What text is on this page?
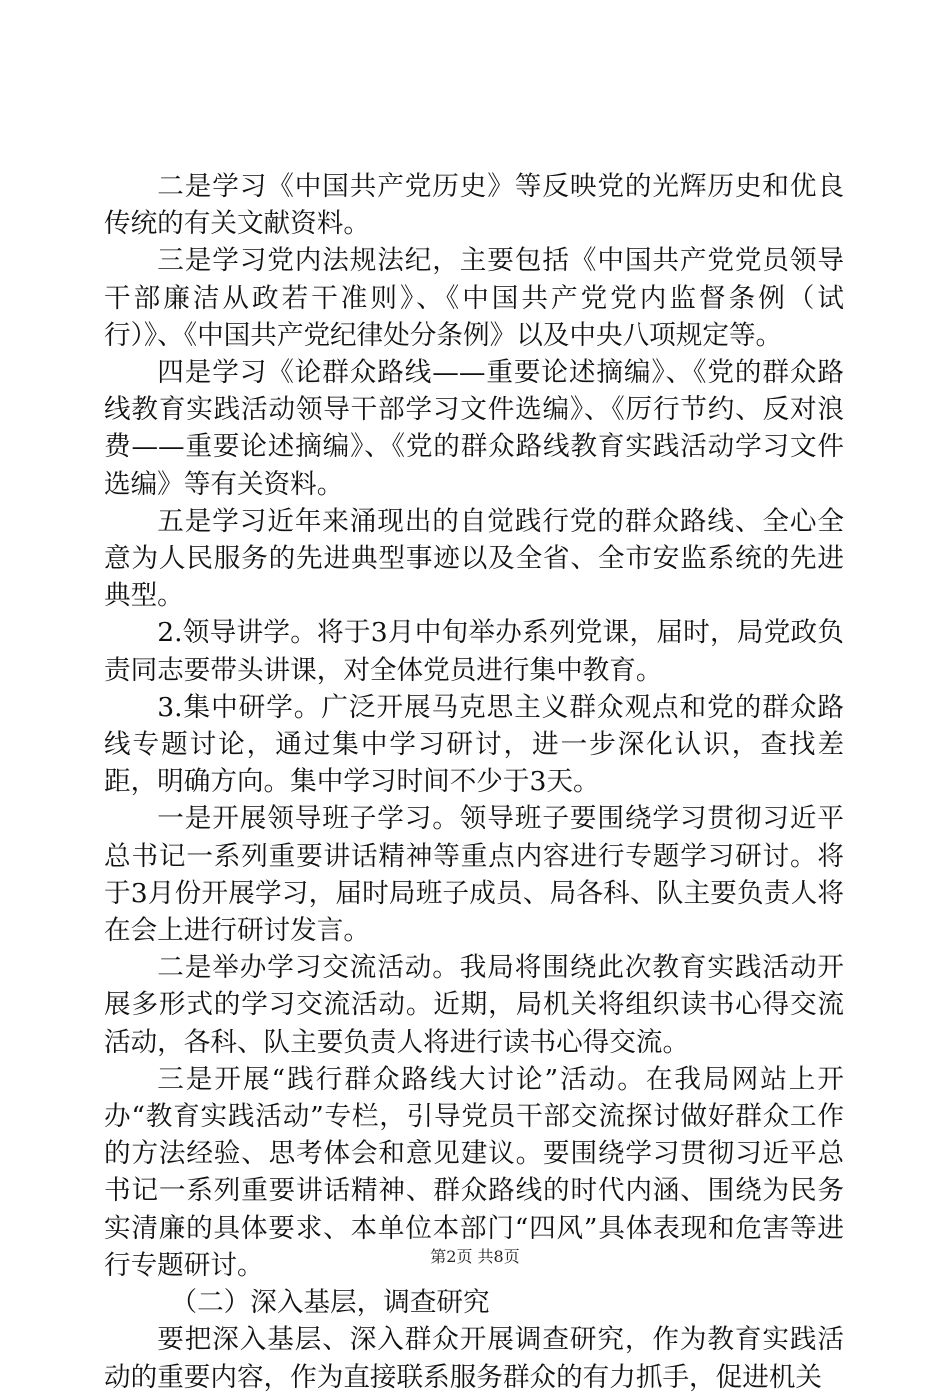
二是学习《中国共产党历史》等反映党的光辉历史和优良传统的有关文献资料。

三是学习党内法规法纪，主要包括《中国共产党党员领导干部廉洁从政若干准则》、《中国共产党党内监督条例（试行）》、《中国共产党纪律处分条例》以及中央八项规定等。

四是学习《论群众路线——重要论述摘编》、《党的群众路线教育实践活动领导干部学习文件选编》、《厉行节约、反对浪费——重要论述摘编》、《党的群众路线教育实践活动学习文件选编》等有关资料。

五是学习近年来涌现出的自觉践行党的群众路线、全心全意为人民服务的先进典型事迹以及全省、全市安监系统的先进典型。

2.领导讲学。将于3月中旬举办系列党课，届时，局党政负责同志要带头讲课，对全体党员进行集中教育。

3.集中研学。广泛开展马克思主义群众观点和党的群众路线专题讨论，通过集中学习研讨，进一步深化认识，查找差距，明确方向。集中学习时间不少于3天。

一是开展领导班子学习。领导班子要围绕学习贯彻习近平总书记一系列重要讲话精神等重点内容进行专题学习研讨。将于3月份开展学习，届时局班子成员、局各科、队主要负责人将在会上进行研讨发言。

二是举办学习交流活动。我局将围绕此次教育实践活动开展多形式的学习交流活动。近期，局机关将组织读书心得交流活动，各科、队主要负责人将进行读书心得交流。

三是开展“践行群众路线大讨论”活动。在我局网站上开办“教育实践活动”专栏，引导党员干部交流探讨做好群众工作的方法经验、思考体会和意见建议。要围绕学习贯彻习近平总书记一系列重要讲话精神、群众路线的时代内涵、围绕为民务实清廉的具体要求、本单位本部门“四风”具体表现和危害等进行专题研讨。

（二）深入基层，调查研究

要把深入基层、深入群众开展调查研究，作为教育实践活动的重要内容，作为直接联系服务群众的有力抓手，促进机关

第2页 共8页
